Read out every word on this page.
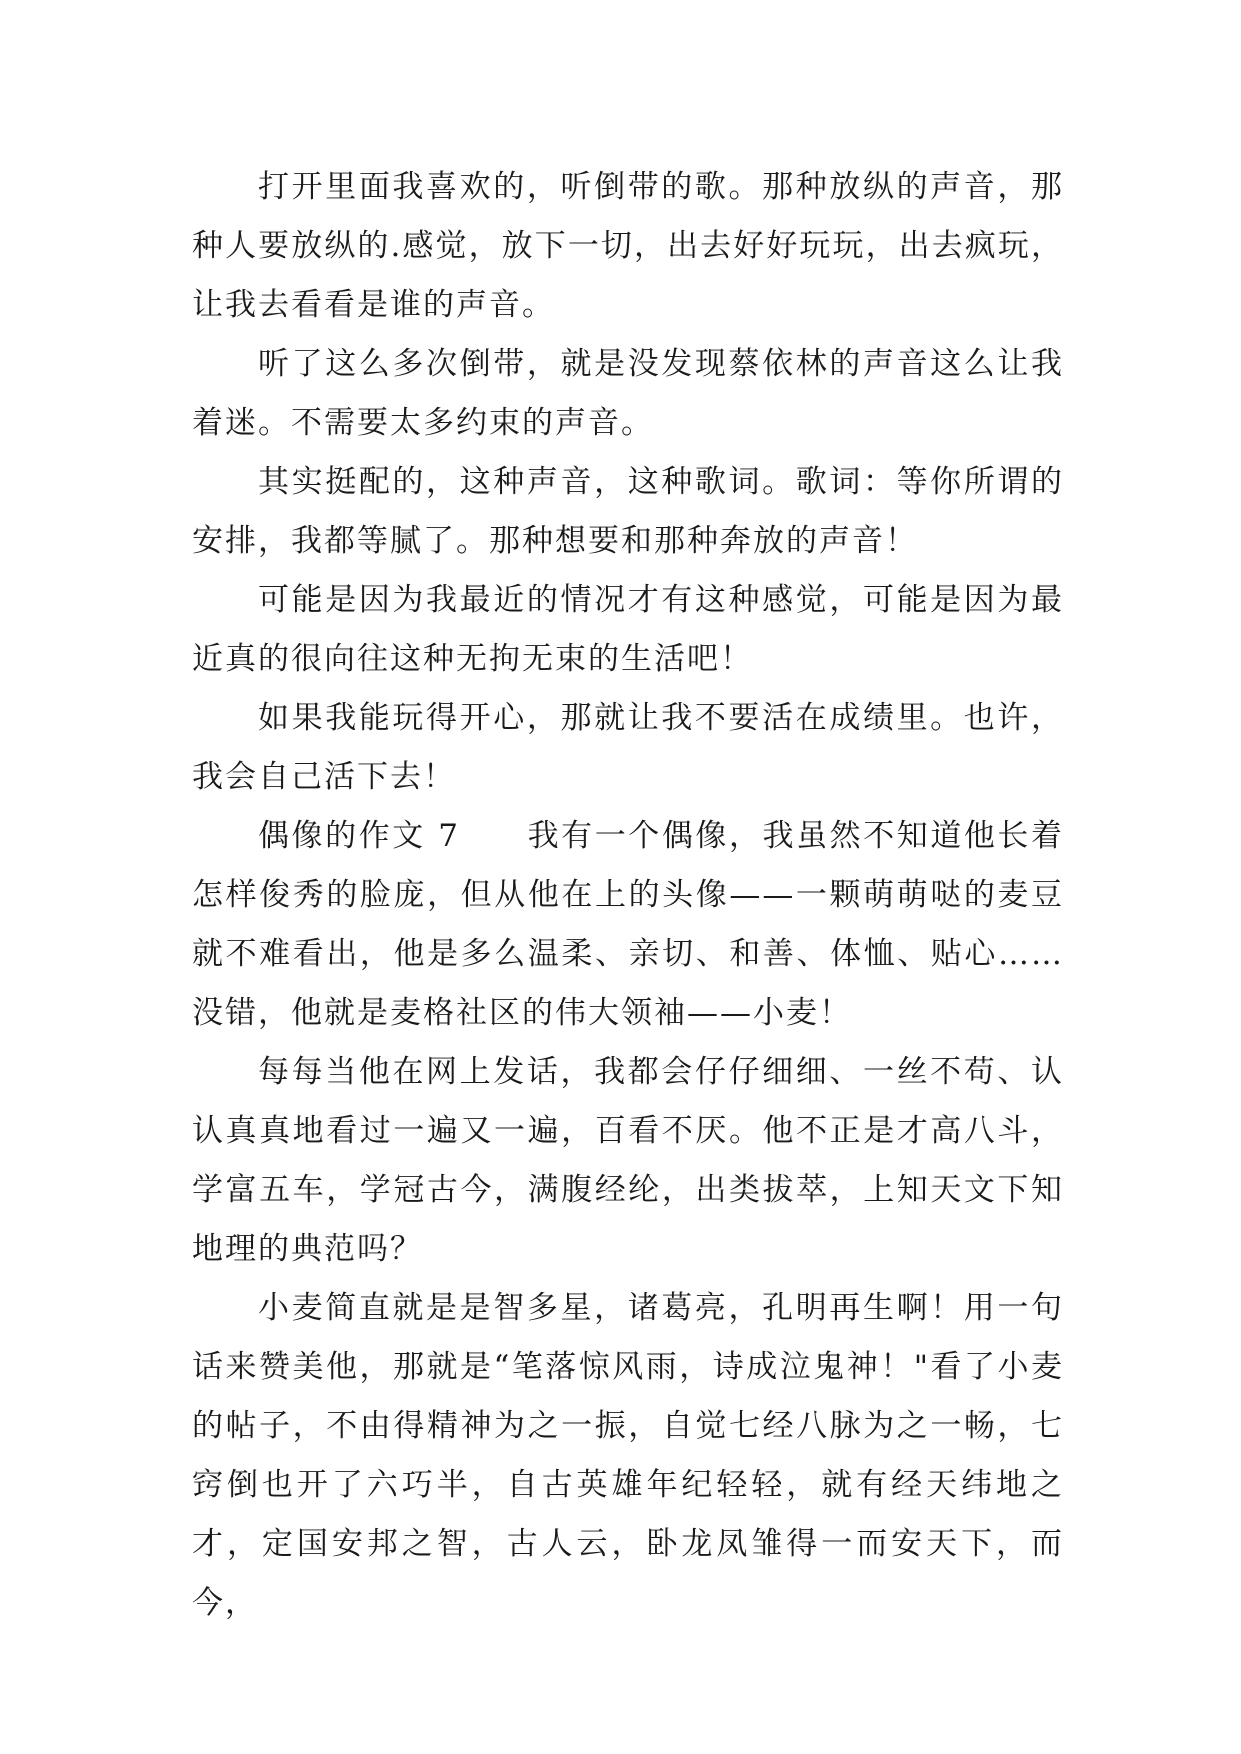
打开里面我喜欢的，听倒带的歌。那种放纵的声音，那种人要放纵的.感觉，放下一切，出去好好玩玩，出去疯玩，让我去看看是谁的声音。

听了这么多次倒带，就是没发现蔡依林的声音这么让我着迷。不需要太多约束的声音。

其实挺配的，这种声音，这种歌词。歌词：等你所谓的安排，我都等腻了。那种想要和那种奔放的声音！

可能是因为我最近的情况才有这种感觉，可能是因为最近真的很向往这种无拘无束的生活吧！

如果我能玩得开心，那就让我不要活在成绩里。也许，我会自己活下去！

偶像的作文 7　　我有一个偶像，我虽然不知道他长着怎样俊秀的脸庞，但从他在上的头像——一颗萌萌哒的麦豆就不难看出，他是多么温柔、亲切、和善、体恤、贴心……没错，他就是麦格社区的伟大领袖——小麦！

每每当他在网上发话，我都会仔仔细细、一丝不苟、认认真真地看过一遍又一遍，百看不厌。他不正是才高八斗，学富五车，学冠古今，满腹经纶，出类拔萃，上知天文下知地理的典范吗？

小麦简直就是是智多星，诸葛亮，孔明再生啊！用一句话来赞美他，那就是“笔落惊风雨，诗成泣鬼神！"看了小麦的帖子，不由得精神为之一振，自觉七经八脉为之一畅，七窍倒也开了六巧半，自古英雄年纪轻轻，就有经天纬地之才，定国安邦之智，古人云，卧龙凤雏得一而安天下，而今，
